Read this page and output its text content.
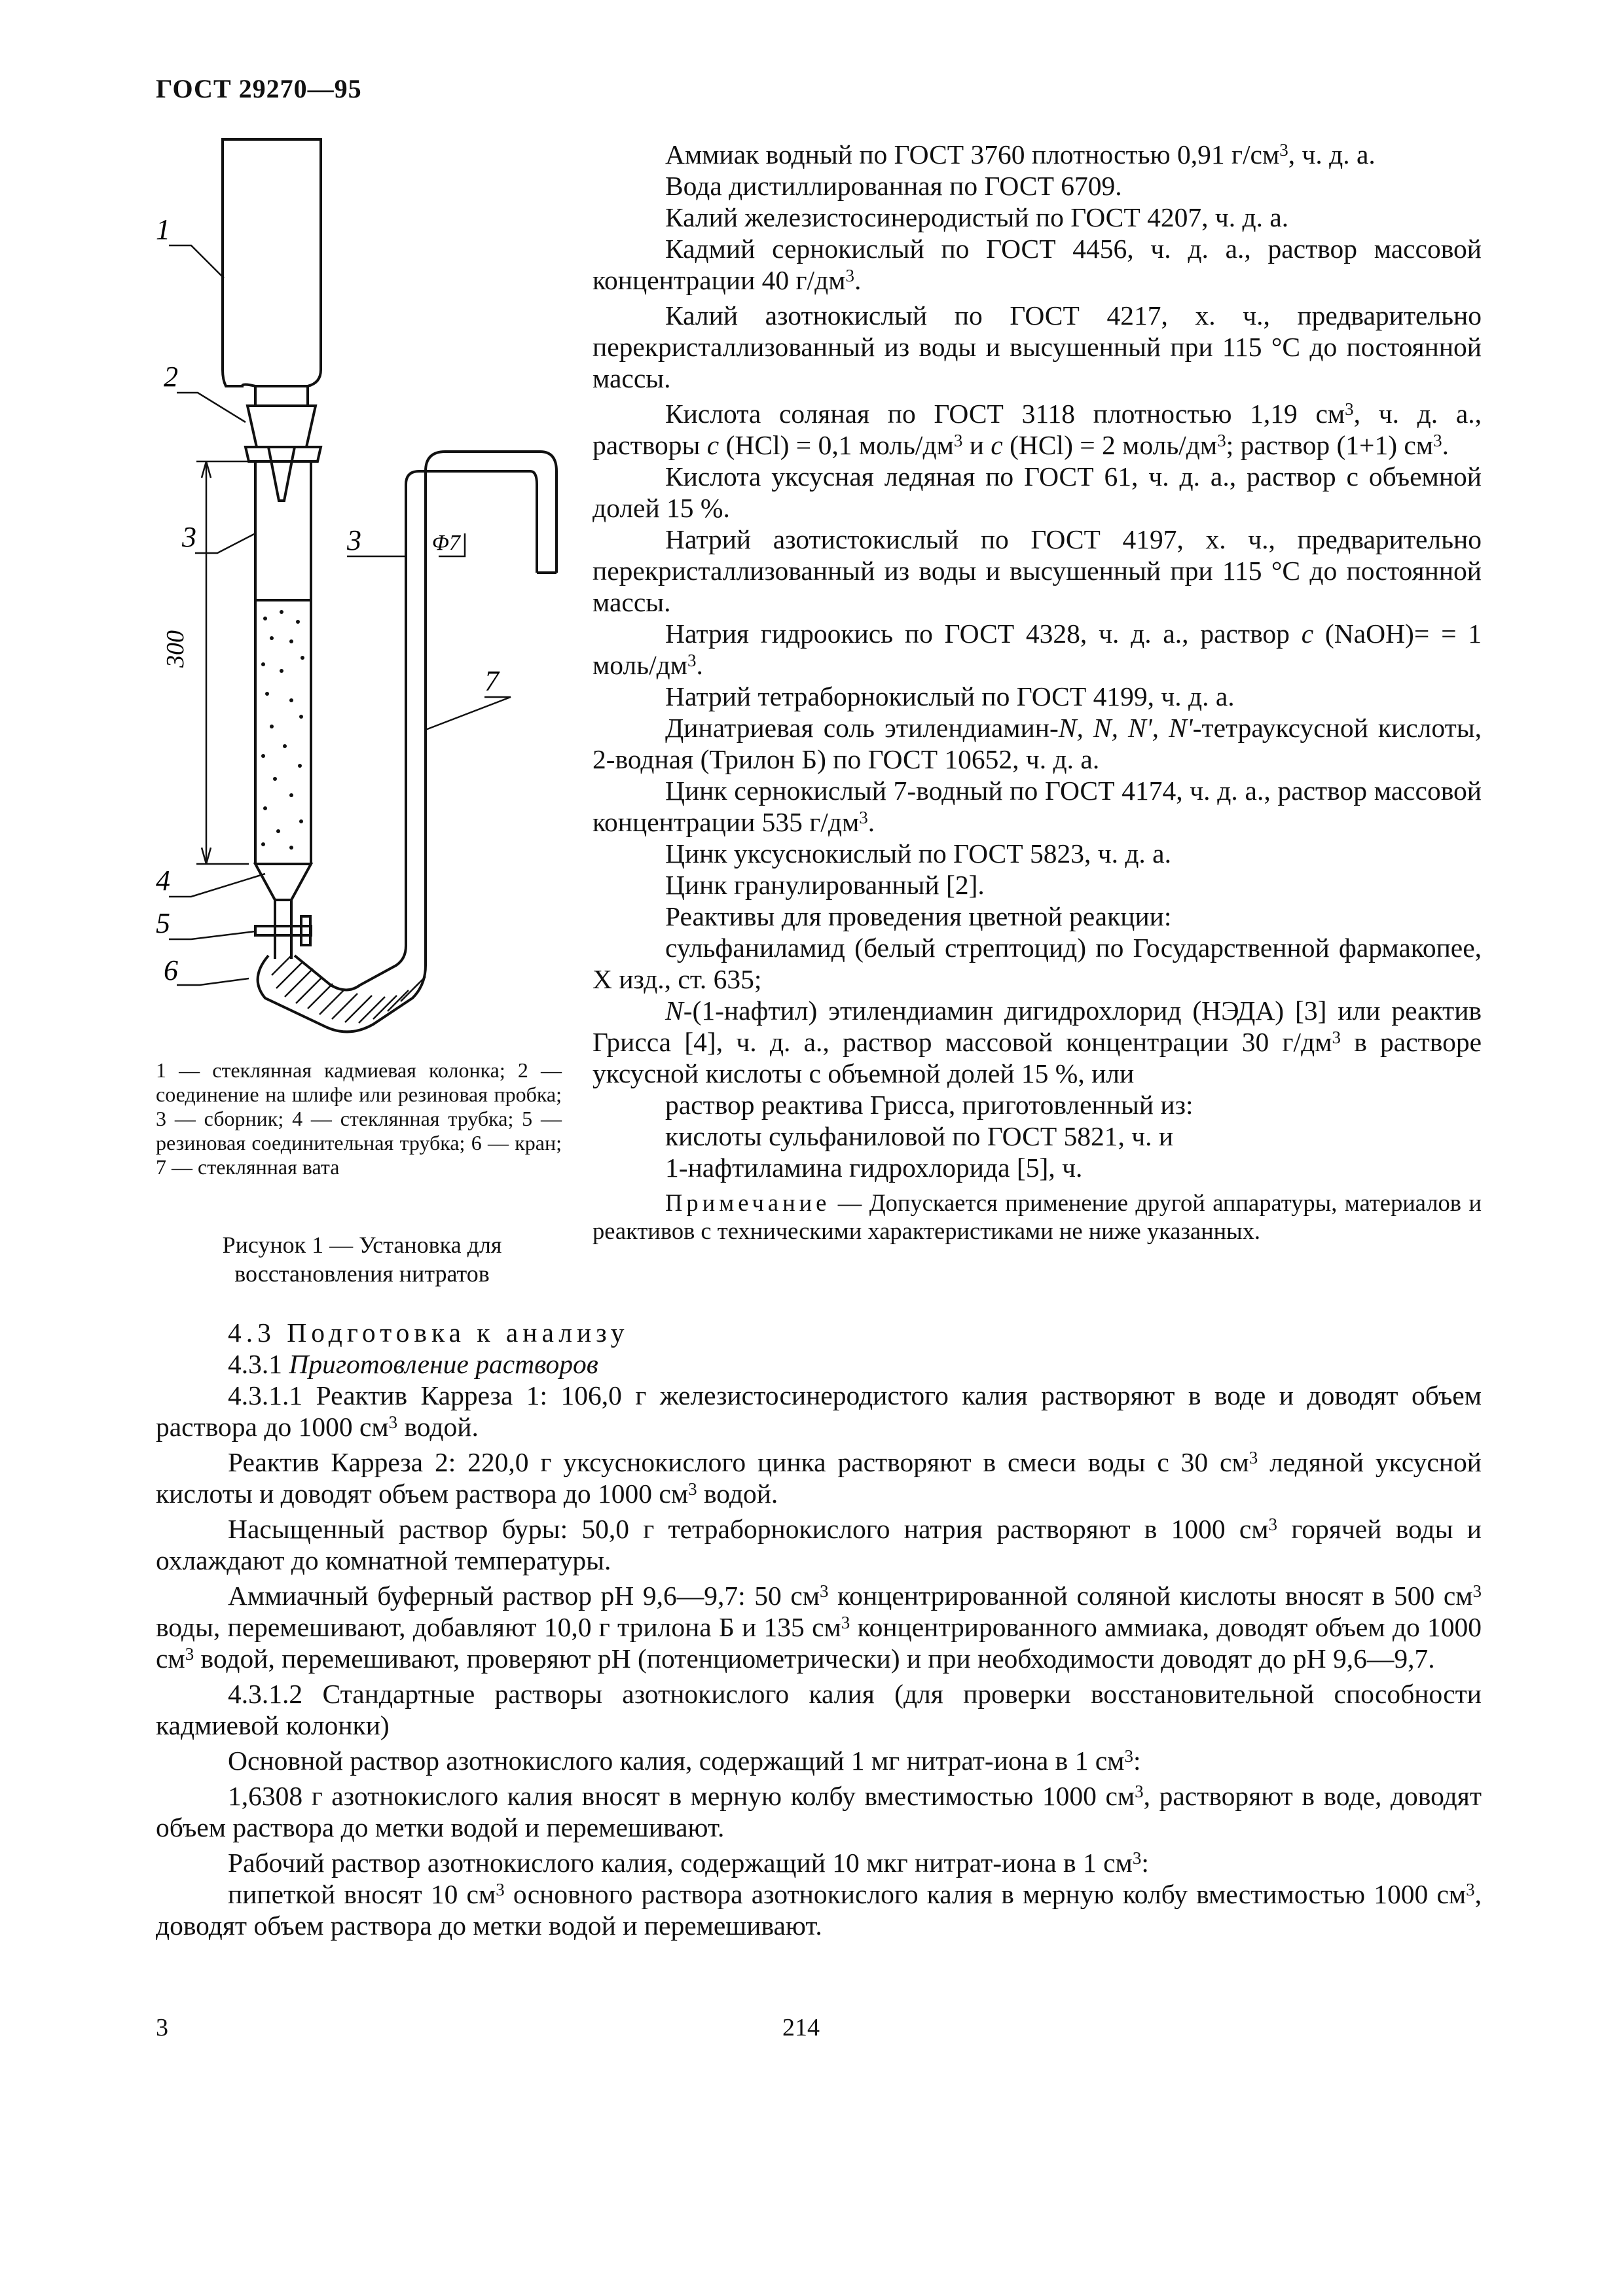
ГОСТ 29270—95
300
1
2
3	3	Φ7
7
4
5
6
1 — стеклянная кадмиевая колонка; 2 — соединение на шлифе или резиновая пробка; 3 — сборник; 4 — стеклянная трубка; 5 — резиновая соединительная трубка; 6 — кран; 7 — стеклянная вата
Рисунок 1 — Установка для восстановления нитратов

Аммиак водный по ГОСТ 3760 плотностью 0,91 $г/см^3$, ч. д. а.

Вода дистиллированная по ГОСТ 6709.

Калий железистосинеродистый по ГОСТ 4207, ч. д. а.

Кадмий сернокислый по ГОСТ 4456, ч. д. а., раствор массовой концентрации 40 $г/дм^3$.

Калий азотнокислый по ГОСТ 4217, х. ч., предварительно перекристаллизованный из воды и высушенный при 115 °С до постоянной массы.

Кислота соляная по ГОСТ 3118 плотностью 1,19 $см^3$, ч. д. а., растворы c (HCl) = 0,1 моль/$дм^3$ и c (HCl) = 2 моль/$дм^3$; раствор (1+1) $см^3$.

Кислота уксусная ледяная по ГОСТ 61, ч. д. а., раствор с объемной долей 15 %.

Натрий азотистокислый по ГОСТ 4197, х. ч., предварительно перекристаллизованный из воды и высушенный при 115 °С до постоянной массы.

Натрия гидроокись по ГОСТ 4328, ч. д. а., раствор c (NaOH)= = 1 моль/$дм^3$.

Натрий тетраборнокислый по ГОСТ 4199, ч. д. а.

Динатриевая соль этилендиамин-N, N, N', N'-тетрауксусной кислоты, 2-водная (Трилон Б) по ГОСТ 10652, ч. д. а.

Цинк сернокислый 7-водный по ГОСТ 4174, ч. д. а., раствор массовой концентрации 535 $г/дм^3$.

Цинк уксуснокислый по ГОСТ 5823, ч. д. а.

Цинк гранулированный [2].

Реактивы для проведения цветной реакции:

сульфаниламид (белый стрептоцид) по Государственной фармакопее, X изд., ст. 635;

N-(1-нафтил) этилендиамин дигидрохлорид (НЭДА) [3] или реактив Грисса [4], ч. д. а., раствор массовой концентрации 30 $г/дм^3$ в растворе уксусной кислоты с объемной долей 15 %, или

раствор реактива Грисса, приготовленный из:

кислоты сульфаниловой по ГОСТ 5821, ч. и

1-нафтиламина гидрохлорида [5], ч.

Примечание — Допускается применение другой аппаратуры, материалов и реактивов с техническими характеристиками не ниже указанных.

4.3 Подготовка к анализу

4.3.1 Приготовление растворов

4.3.1.1 Реактив Карреза 1: 106,0 г железистосинеродистого калия растворяют в воде и доводят объем раствора до 1000 $см^3$ водой.

Реактив Карреза 2: 220,0 г уксуснокислого цинка растворяют в смеси воды с 30 $см^3$ ледяной уксусной кислоты и доводят объем раствора до 1000 $см^3$ водой.

Насыщенный раствор буры: 50,0 г тетраборнокислого натрия растворяют в 1000 $см^3$ горячей воды и охлаждают до комнатной температуры.

Аммиачный буферный раствор рН 9,6—9,7: 50 $см^3$ концентрированной соляной кислоты вносят в 500 $см^3$ воды, перемешивают, добавляют 10,0 г трилона Б и 135 $см^3$ концентрированного аммиака, доводят объем до 1000 $см^3$ водой, перемешивают, проверяют рН (потенциометрически) и при необходимости доводят до рН 9,6—9,7.

4.3.1.2 Стандартные растворы азотнокислого калия (для проверки восстановительной способности кадмиевой колонки)

Основной раствор азотнокислого калия, содержащий 1 мг нитрат-иона в 1 $см^3$:

1,6308 г азотнокислого калия вносят в мерную колбу вместимостью 1000 $см^3$, растворяют в воде, доводят объем раствора до метки водой и перемешивают.

Рабочий раствор азотнокислого калия, содержащий 10 мкг нитрат-иона в 1 $см^3$:

пипеткой вносят 10 $см^3$ основного раствора азотнокислого калия в мерную колбу вместимостью 1000 $см^3$, доводят объем раствора до метки водой и перемешивают.

3	214
